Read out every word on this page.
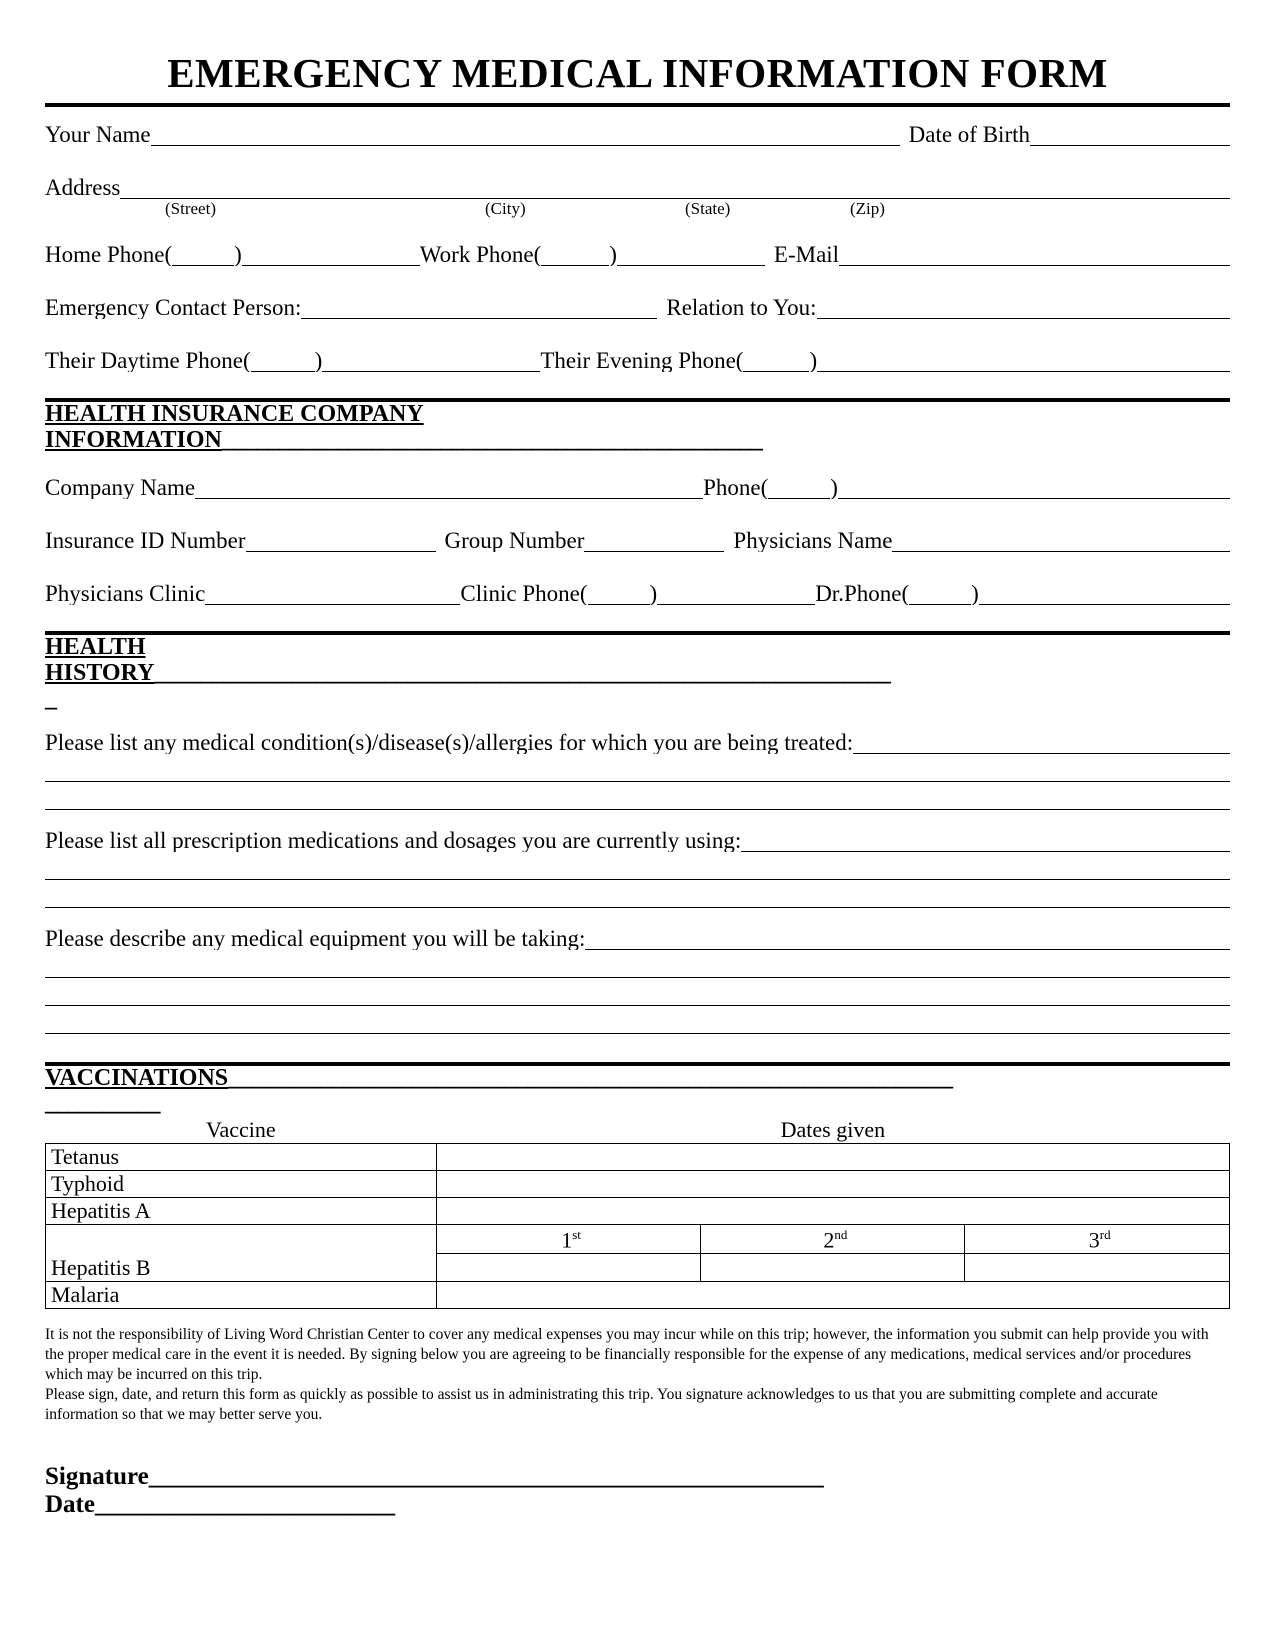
EMERGENCY MEDICAL INFORMATION FORM
Your Name	Date of Birth
Address
(Street)	(City)	(State)	(Zip)
Home Phone(	)	Work Phone(	)	E-Mail
Emergency Contact Person:	Relation to You:
Their Daytime Phone(	)	Their Evening Phone(	)
HEALTH INSURANCE COMPANY
INFORMATION_______________________________________________
Company Name	Phone(	)
Insurance ID Number	Group Number	Physicians Name
Physicians Clinic	Clinic Phone(	)	Dr.Phone(	)
HEALTH
HISTORY________________________________________________________________
_
Please list any medical condition(s)/disease(s)/allergies for which you are being treated:
Please list all prescription medications and dosages you are currently using:
Please describe any medical equipment you will be taking:
VACCINATIONS_______________________________________________________________
__________
Vaccine	Dates given
Tetanus	
Typhoid	
Hepatitis A	
Hepatitis B	
1st	2nd	3rd

Malaria	

It is not the responsibility of Living Word Christian Center to cover any medical expenses you may incur while on this trip; however, the information you submit can help provide you with the proper medical care in the event it is needed. By signing below you are agreeing to be financially responsible for the expense of any medications, medical services and/or procedures which may be incurred on this trip.

Please sign, date, and return this form as quickly as possible to assist us in administrating this trip. You signature acknowledges to us that you are submitting complete and accurate information so that we may better serve you.

Signature______________________________________________________
Date________________________
